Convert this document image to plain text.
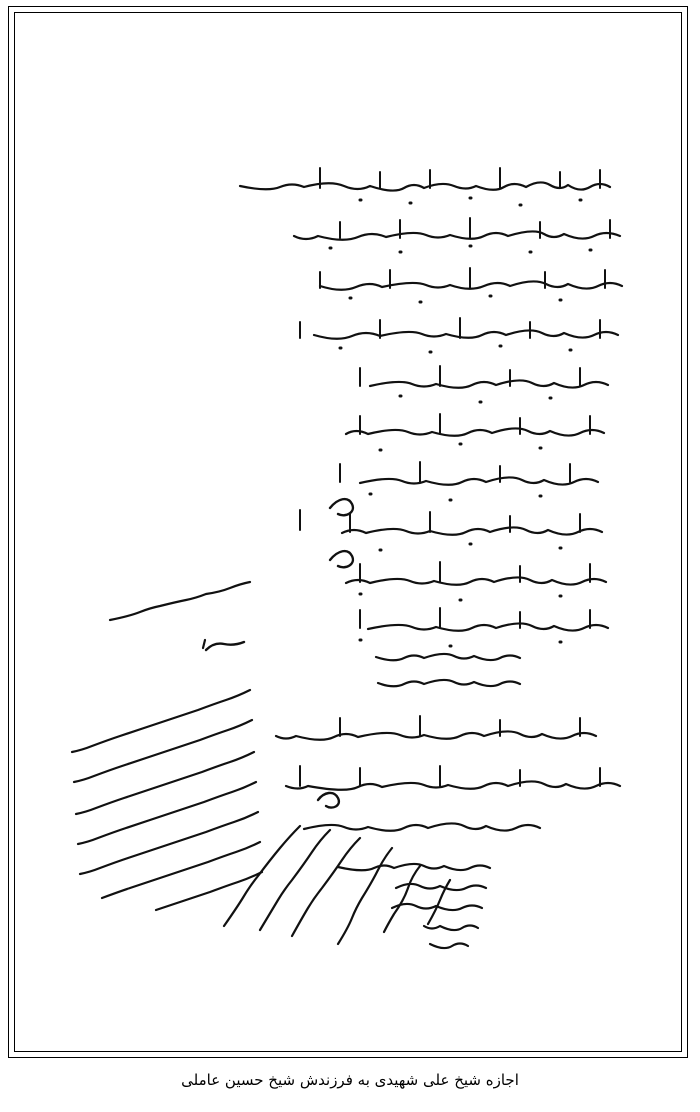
اجازه شیخ علی شهیدی به فرزندش شیخ حسین عاملی
